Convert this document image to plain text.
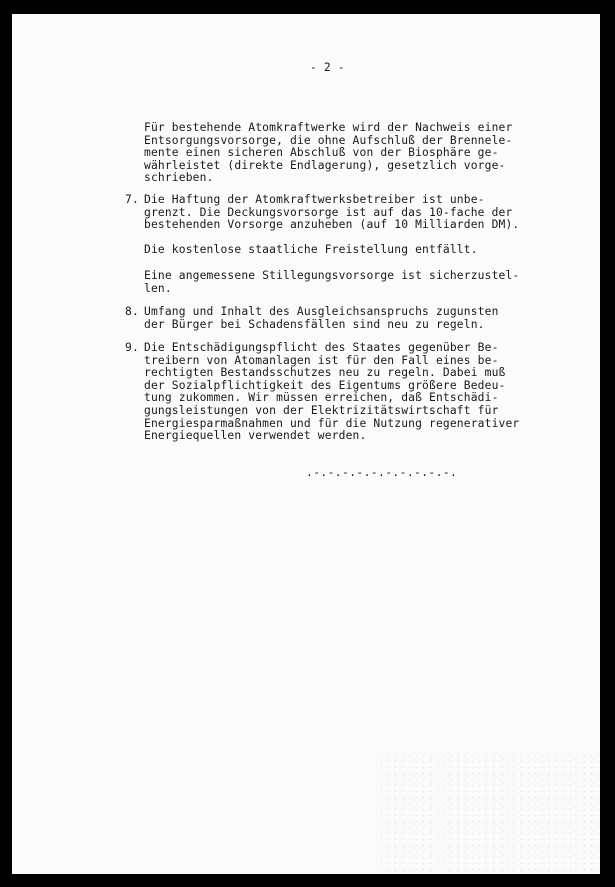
- 2 -
Für bestehende Atomkraftwerke wird der Nachweis einer
Entsorgungsvorsorge, die ohne Aufschluß der Brennele-
mente einen sicheren Abschluß von der Biosphäre ge-
währleistet (direkte Endlagerung), gesetzlich vorge-
schrieben.
7. Die Haftung der Atomkraftwerksbetreiber ist unbe-
grenzt. Die Deckungsvorsorge ist auf das 10-fache der
bestehenden Vorsorge anzuheben (auf 10 Milliarden DM).
Die kostenlose staatliche Freistellung entfällt.
Eine angemessene Stillegungsvorsorge ist sicherzustel-
len.
8. Umfang und Inhalt des Ausgleichsanspruchs zugunsten
der Bürger bei Schadensfällen sind neu zu regeln.
9. Die Entschädigungspflicht des Staates gegenüber Be-
treibern von Atomanlagen ist für den Fall eines be-
rechtigten Bestandsschutzes neu zu regeln. Dabei muß
der Sozialpflichtigkeit des Eigentums größere Bedeu-
tung zukommen. Wir müssen erreichen, daß Entschädi-
gungsleistungen von der Elektrizitätswirtschaft für
Energiesparmaßnahmen und für die Nutzung regenerativer
Energiequellen verwendet werden.
.-.-.-.-.-.-.-.-.-.-.
